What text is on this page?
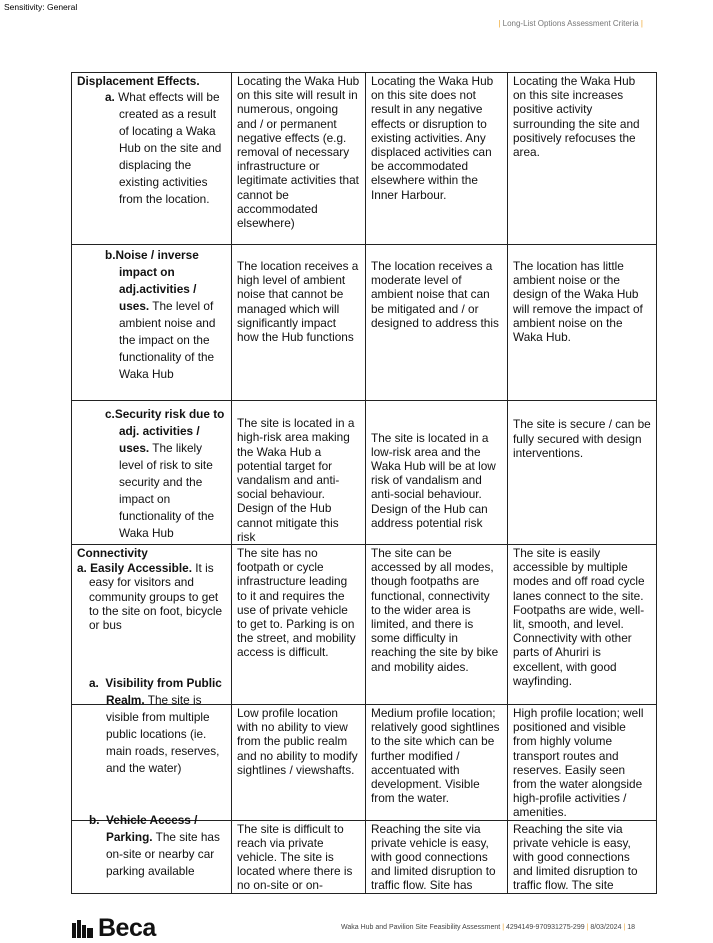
Sensitivity: General
| Long-List Options Assessment Criteria |
Displacement Effects.
a. What effects will be created as a result of locating a Waka Hub on the site and displacing the existing activities from the location.	Locating the Waka Hub on this site will result in numerous, ongoing and / or permanent negative effects (e.g. removal of necessary infrastructure or legitimate activities that cannot be accommodated elsewhere)	Locating the Waka Hub on this site does not result in any negative effects or disruption to existing activities. Any displaced activities can be accommodated elsewhere within the Inner Harbour.	Locating the Waka Hub on this site increases positive activity surrounding the site and positively refocuses the area.

b.Noise / inverse impact on adj.activities / uses. The level of ambient noise and the impact on the functionality of the Waka Hub	The location receives a high level of ambient noise that cannot be managed which will significantly impact how the Hub functions	The location receives a moderate level of ambient noise that can be mitigated and / or designed to address this	The location has little ambient noise or the design of the Waka Hub will remove the impact of ambient noise on the Waka Hub.

c.Security risk due to adj. activities / uses. The likely level of risk to site security and the impact on functionality of the Waka Hub	The site is located in a high-risk area making the Waka Hub a potential target for vandalism and anti-social behaviour. Design of the Hub cannot mitigate this risk	The site is located in a low-risk area and the Waka Hub will be at low risk of vandalism and anti-social behaviour. Design of the Hub can address potential risk	The site is secure / can be fully secured with design interventions.

Connectivity
a. Easily Accessible. It is easy for visitors and community groups to get to the site on foot, bicycle or bus	The site has no footpath or cycle infrastructure leading to it and requires the use of private vehicle to get to. Parking is on the street, and mobility access is difficult.	The site can be accessed by all modes, though footpaths are functional, connectivity to the wider area is limited, and there is some difficulty in reaching the site by bike and mobility aides.	The site is easily accessible by multiple modes and off road cycle lanes connect to the site. Footpaths are wide, well-lit, smooth, and level. Connectivity with other parts of Ahuriri is excellent, with good wayfinding.

a. Visibility from Public Realm. The site is visible from multiple public locations (ie. main roads, reserves, and the water)	Low profile location with no ability to view from the public realm and no ability to modify sightlines / viewshafts.	Medium profile location; relatively good sightlines to the site which can be further modified / accentuated with development. Visible from the water.	High profile location; well positioned and visible from highly volume transport routes and reserves. Easily seen from the water alongside high-profile activities / amenities.

b. Vehicle Access / Parking. The site has on-site or nearby car parking available	The site is difficult to reach via private vehicle. The site is located where there is no on-site or on-	Reaching the site via private vehicle is easy, with good connections and limited disruption to traffic flow. Site has	Reaching the site via private vehicle is easy, with good connections and limited disruption to traffic flow. The site
Beca	Waka Hub and Pavilion Site Feasibility Assessment | 4294149-970931275-299 | 8/03/2024 | 18
